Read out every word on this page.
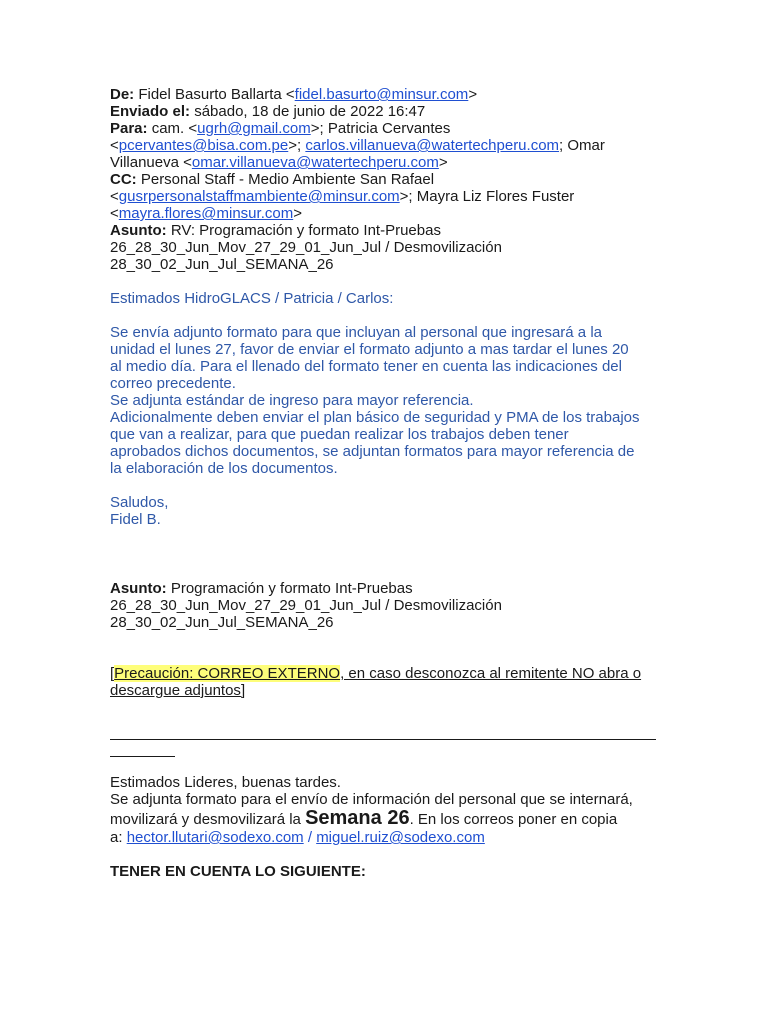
De: Fidel Basurto Ballarta <fidel.basurto@minsur.com>
Enviado el: sábado, 18 de junio de 2022 16:47
Para: cam. <ugrh@gmail.com>; Patricia Cervantes
<pcervantes@bisa.com.pe>; carlos.villanueva@watertechperu.com; Omar
Villanueva <omar.villanueva@watertechperu.com>
CC: Personal Staff - Medio Ambiente San Rafael
<gusrpersonalstaffmambiente@minsur.com>; Mayra Liz Flores Fuster
<mayra.flores@minsur.com>
Asunto: RV: Programación y formato Int-Pruebas
26_28_30_Jun_Mov_27_29_01_Jun_Jul / Desmovilización
28_30_02_Jun_Jul_SEMANA_26
Estimados HidroGLACS / Patricia / Carlos:
Se envía adjunto formato para que incluyan al personal que ingresará a la
unidad el lunes 27, favor de enviar el formato adjunto a mas tardar el lunes 20
al medio día. Para el llenado del formato tener en cuenta las indicaciones del
correo precedente.
Se adjunta estándar de ingreso para mayor referencia.
Adicionalmente deben enviar el plan básico de seguridad y PMA de los trabajos
que van a realizar, para que puedan realizar los trabajos deben tener
aprobados dichos documentos, se adjuntan formatos para mayor referencia de
la elaboración de los documentos.
Saludos,
Fidel B.
Asunto: Programación y formato Int-Pruebas
26_28_30_Jun_Mov_27_29_01_Jun_Jul / Desmovilización
28_30_02_Jun_Jul_SEMANA_26
[Precaución: CORREO EXTERNO, en caso desconozca al remitente NO abra o
descargue adjuntos]
Estimados Lideres, buenas tardes.
Se adjunta formato para el envío de información del personal que se internará,
movilizará y desmovilizará la Semana 26. En los correos poner en copia
a: hector.llutari@sodexo.com / miguel.ruiz@sodexo.com
TENER EN CUENTA LO SIGUIENTE:
